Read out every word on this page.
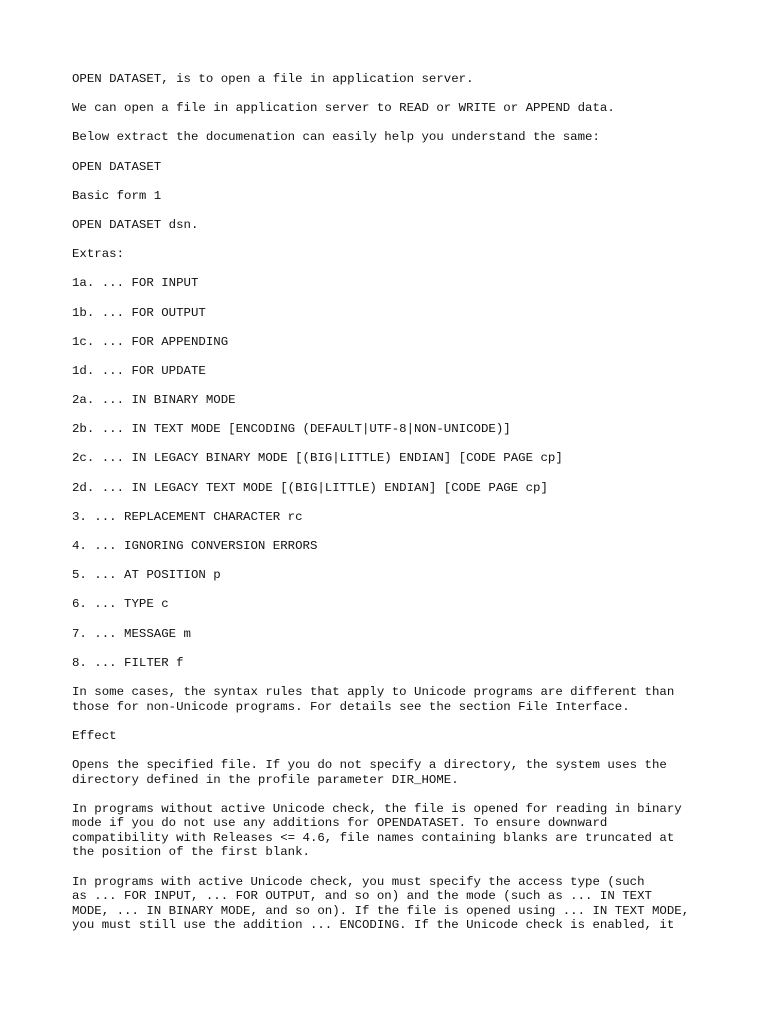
OPEN DATASET, is to open a file in application server.

We can open a file in application server to READ or WRITE or APPEND data.

Below extract the documenation can easily help you understand the same:

OPEN DATASET

Basic form 1

OPEN DATASET dsn.

Extras:

1a. ... FOR INPUT

1b. ... FOR OUTPUT

1c. ... FOR APPENDING

1d. ... FOR UPDATE

2a. ... IN BINARY MODE

2b. ... IN TEXT MODE [ENCODING (DEFAULT|UTF-8|NON-UNICODE)]

2c. ... IN LEGACY BINARY MODE [(BIG|LITTLE) ENDIAN] [CODE PAGE cp]

2d. ... IN LEGACY TEXT MODE [(BIG|LITTLE) ENDIAN] [CODE PAGE cp]

3. ... REPLACEMENT CHARACTER rc

4. ... IGNORING CONVERSION ERRORS

5. ... AT POSITION p

6. ... TYPE c

7. ... MESSAGE m

8. ... FILTER f

In some cases, the syntax rules that apply to Unicode programs are different than
those for non-Unicode programs. For details see the section File Interface.

Effect

Opens the specified file. If you do not specify a directory, the system uses the
directory defined in the profile parameter DIR_HOME.

In programs without active Unicode check, the file is opened for reading in binary
mode if you do not use any additions for OPENDATASET. To ensure downward
compatibility with Releases <= 4.6, file names containing blanks are truncated at
the position of the first blank.

In programs with active Unicode check, you must specify the access type (such
as ... FOR INPUT, ... FOR OUTPUT, and so on) and the mode (such as ... IN TEXT
MODE, ... IN BINARY MODE, and so on). If the file is opened using ... IN TEXT MODE,
you must still use the addition ... ENCODING. If the Unicode check is enabled, it
